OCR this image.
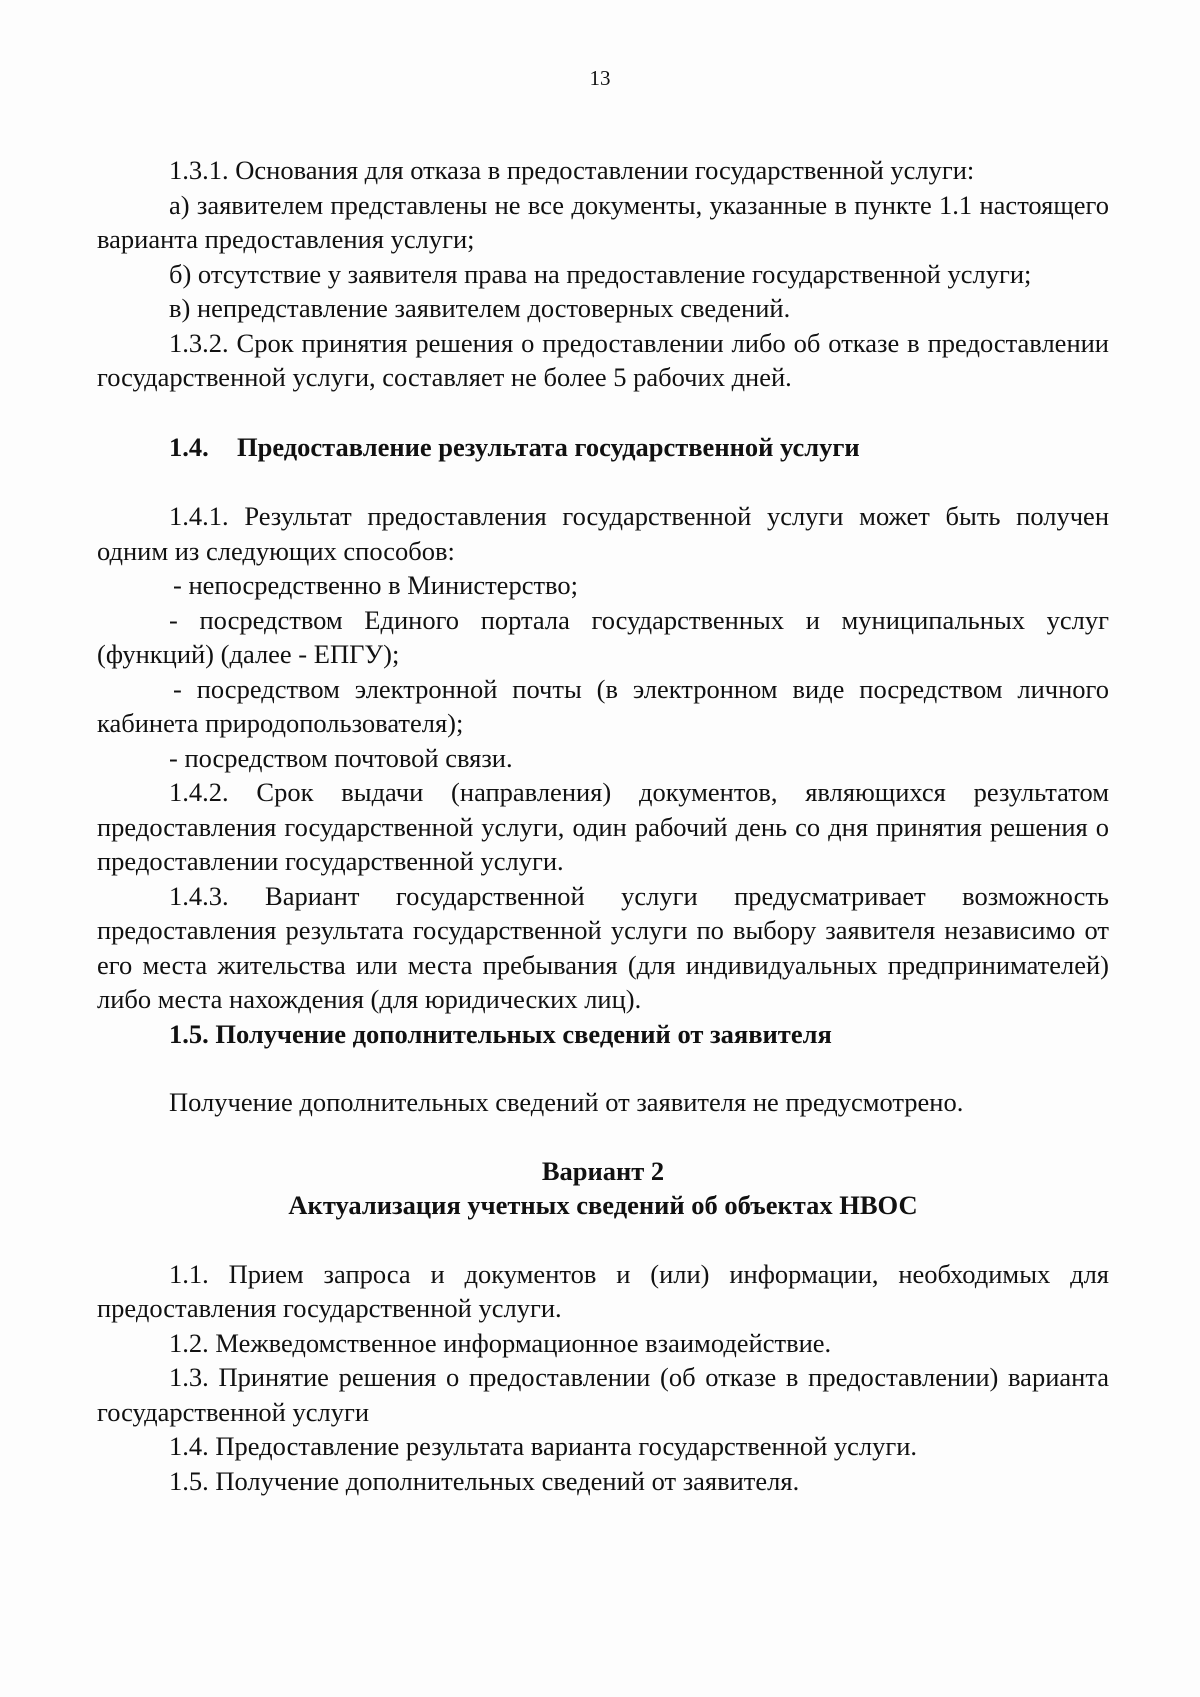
13

1.3.1. Основания для отказа в предоставлении государственной услуги:

а) заявителем представлены не все документы, указанные в пункте 1.1 настоящего варианта предоставления услуги;

б) отсутствие у заявителя права на предоставление государственной услуги;

в) непредставление заявителем достоверных сведений.

1.3.2. Срок принятия решения о предоставлении либо об отказе в предоставлении государственной услуги, составляет не более 5 рабочих дней.

1.4. Предоставление результата государственной услуги

1.4.1. Результат предоставления государственной услуги может быть получен одним из следующих способов:

- непосредственно в Министерство;

- посредством Единого портала государственных и муниципальных услуг (функций) (далее - ЕПГУ);

- посредством электронной почты (в электронном виде посредством личного кабинета природопользователя);

- посредством почтовой связи.

1.4.2. Срок выдачи (направления) документов, являющихся результатом предоставления государственной услуги, один рабочий день со дня принятия решения о предоставлении государственной услуги.

1.4.3. Вариант государственной услуги предусматривает возможность предоставления результата государственной услуги по выбору заявителя независимо от его места жительства или места пребывания (для индивидуальных предпринимателей) либо места нахождения (для юридических лиц).

1.5. Получение дополнительных сведений от заявителя

Получение дополнительных сведений от заявителя не предусмотрено.

Вариант 2

Актуализация учетных сведений об объектах НВОС

1.1. Прием запроса и документов и (или) информации, необходимых для предоставления государственной услуги.

1.2. Межведомственное информационное взаимодействие.

1.3. Принятие решения о предоставлении (об отказе в предоставлении) варианта государственной услуги

1.4. Предоставление результата варианта государственной услуги.

1.5. Получение дополнительных сведений от заявителя.
